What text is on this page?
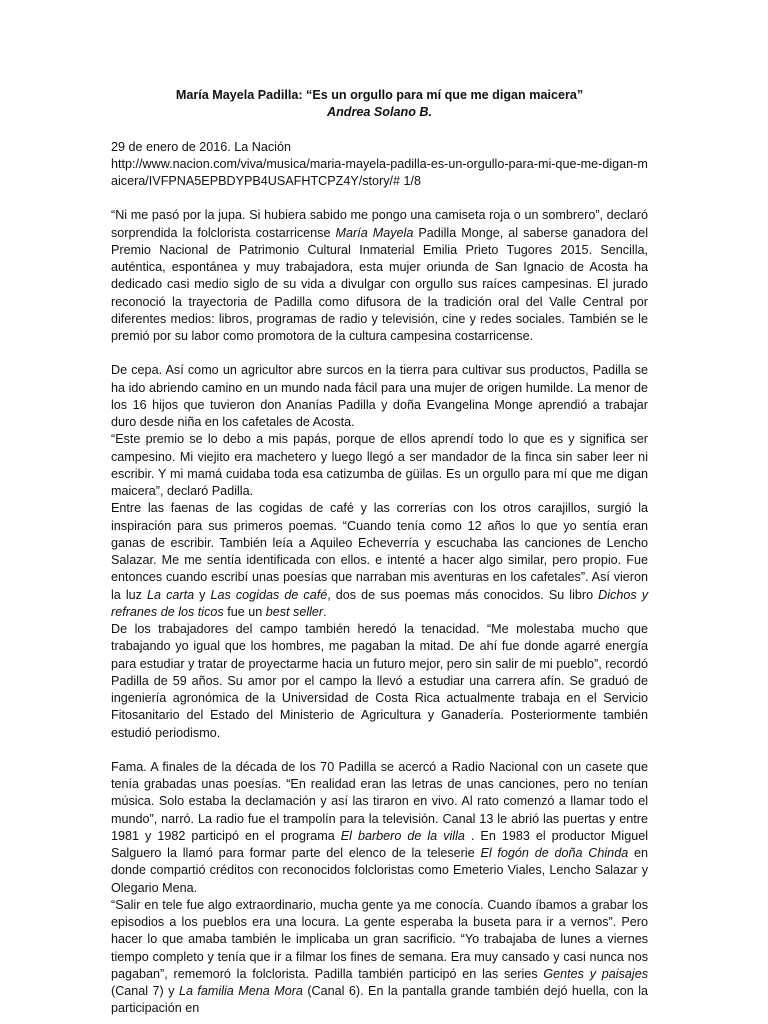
María Mayela Padilla: “Es un orgullo para mí que me digan maicera”
Andrea Solano B.
29 de enero de 2016. La Nación
http://www.nacion.com/viva/musica/maria-mayela-padilla-es-un-orgullo-para-mi-que-me-digan-maicera/IVFPNA5EPBDYPB4USAFHTCPZ4Y/story/# 1/8

“Ni me pasó por la jupa. Si hubiera sabido me pongo una camiseta roja o un sombrero”, declaró sorprendida la folclorista costarricense María Mayela Padilla Monge, al saberse ganadora del Premio Nacional de Patrimonio Cultural Inmaterial Emilia Prieto Tugores 2015. Sencilla, auténtica, espontánea y muy trabajadora, esta mujer oriunda de San Ignacio de Acosta ha dedicado casi medio siglo de su vida a divulgar con orgullo sus raíces campesinas. El jurado reconoció la trayectoria de Padilla como difusora de la tradición oral del Valle Central por diferentes medios: libros, programas de radio y televisión, cine y redes sociales. También se le premió por su labor como promotora de la cultura campesina costarricense.

De cepa. Así como un agricultor abre surcos en la tierra para cultivar sus productos, Padilla se ha ido abriendo camino en un mundo nada fácil para una mujer de origen humilde. La menor de los 16 hijos que tuvieron don Ananías Padilla y doña Evangelina Monge aprendió a trabajar duro desde niña en los cafetales de Acosta.

“Este premio se lo debo a mis papás, porque de ellos aprendí todo lo que es y significa ser campesino. Mi viejito era machetero y luego llegó a ser mandador de la finca sin saber leer ni escribir. Y mi mamá cuidaba toda esa catizumba de güilas. Es un orgullo para mí que me digan maicera”, declaró Padilla.

Entre las faenas de las cogidas de café y las correrías con los otros carajillos, surgió la inspiración para sus primeros poemas. “Cuando tenía como 12 años lo que yo sentía eran ganas de escribir. También leía a Aquileo Echeverría y escuchaba las canciones de Lencho Salazar. Me me sentía identificada con ellos. e intenté a hacer algo similar, pero propio. Fue entonces cuando escribí unas poesías que narraban mis aventuras en los cafetales”. Así vieron la luz La carta y Las cogidas de café, dos de sus poemas más conocidos. Su libro Dichos y refranes de los ticos fue un best seller.

De los trabajadores del campo también heredó la tenacidad. “Me molestaba mucho que trabajando yo igual que los hombres, me pagaban la mitad. De ahí fue donde agarré energía para estudiar y tratar de proyectarme hacia un futuro mejor, pero sin salir de mi pueblo”, recordó Padilla de 59 años. Su amor por el campo la llevó a estudiar una carrera afín. Se graduó de ingeniería agronómica de la Universidad de Costa Rica actualmente trabaja en el Servicio Fitosanitario del Estado del Ministerio de Agricultura y Ganadería. Posteriormente también estudió periodismo.

Fama. A finales de la década de los 70 Padilla se acercó a Radio Nacional con un casete que tenía grabadas unas poesías. “En realidad eran las letras de unas canciones, pero no tenían música. Solo estaba la declamación y así las tiraron en vivo. Al rato comenzó a llamar todo el mundo”, narró. La radio fue el trampolín para la televisión. Canal 13 le abrió las puertas y entre 1981 y 1982 participó en el programa El barbero de la villa . En 1983 el productor Miguel Salguero la llamó para formar parte del elenco de la teleserie El fogón de doña Chinda en donde compartió créditos con reconocidos folcloristas como Emeterio Viales, Lencho Salazar y Olegario Mena.

“Salir en tele fue algo extraordinario, mucha gente ya me conocía. Cuando íbamos a grabar los episodios a los pueblos era una locura. La gente esperaba la buseta para ir a vernos”. Pero hacer lo que amaba también le implicaba un gran sacrificio. “Yo trabajaba de lunes a viernes tiempo completo y tenía que ir a filmar los fines de semana. Era muy cansado y casi nunca nos pagaban”, rememoró la folclorista. Padilla también participó en las series Gentes y paisajes (Canal 7) y La familia Mena Mora (Canal 6). En la pantalla grande también dejó huella, con la participación en
